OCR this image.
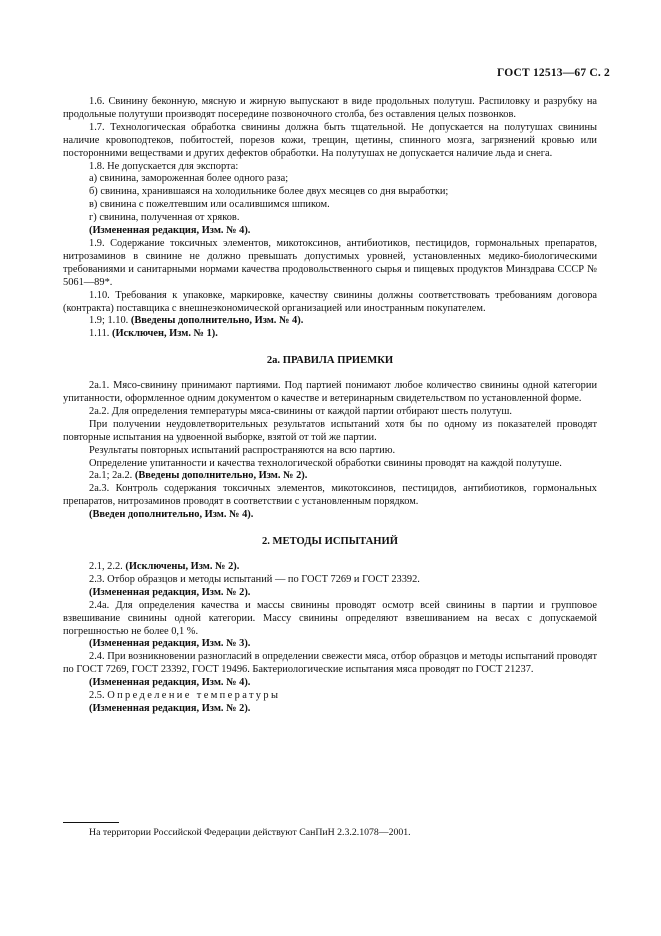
ГОСТ 12513—67 С. 2

1.6. Свинину беконную, мясную и жирную выпускают в виде продольных полутуш. Распиловку и разрубку на продольные полутуши производят посередине позвоночного столба, без оставления целых позвонков.

1.7. Технологическая обработка свинины должна быть тщательной. Не допускается на полутушах свинины наличие кровоподтеков, побитостей, порезов кожи, трещин, щетины, спинного мозга, загрязнений кровью или посторонними веществами и других дефектов обработки. На полутушах не допускается наличие льда и снега.

1.8. Не допускается для экспорта:

а) свинина, замороженная более одного раза;

б) свинина, хранившаяся на холодильнике более двух месяцев со дня выработки;

в) свинина с пожелтевшим или осалившимся шпиком.

г) свинина, полученная от хряков.

(Измененная редакция, Изм. № 4).

1.9. Содержание токсичных элементов, микотоксинов, антибиотиков, пестицидов, гормональных препаратов, нитрозаминов в свинине не должно превышать допустимых уровней, установленных медико-биологическими требованиями и санитарными нормами качества продовольственного сырья и пищевых продуктов Минздрава СССР № 5061—89*.

1.10. Требования к упаковке, маркировке, качеству свинины должны соответствовать требованиям договора (контракта) поставщика с внешнеэкономической организацией или иностранным покупателем.

1.9; 1.10. (Введены дополнительно, Изм. № 4).

1.11. (Исключен, Изм. № 1).

2а. ПРАВИЛА ПРИЕМКИ

2а.1. Мясо-свинину принимают партиями. Под партией понимают любое количество свинины одной категории упитанности, оформленное одним документом о качестве и ветеринарным свидетельством по установленной форме.

2а.2. Для определения температуры мяса-свинины от каждой партии отбирают шесть полутуш.

При получении неудовлетворительных результатов испытаний хотя бы по одному из показателей проводят повторные испытания на удвоенной выборке, взятой от той же партии.

Результаты повторных испытаний распространяются на всю партию.

Определение упитанности и качества технологической обработки свинины проводят на каждой полутуше.

2а.1; 2а.2. (Введены дополнительно, Изм. № 2).

2а.3. Контроль содержания токсичных элементов, микотоксинов, пестицидов, антибиотиков, гормональных препаратов, нитрозаминов проводят в соответствии с установленным порядком.

(Введен дополнительно, Изм. № 4).

2. МЕТОДЫ ИСПЫТАНИЙ

2.1, 2.2. (Исключены, Изм. № 2).

2.3. Отбор образцов и методы испытаний — по ГОСТ 7269 и ГОСТ 23392.

(Измененная редакция, Изм. № 2).

2.4а. Для определения качества и массы свинины проводят осмотр всей свинины в партии и групповое взвешивание свинины одной категории. Массу свинины определяют взвешиванием на весах с допускаемой погрешностью не более 0,1 %.

(Измененная редакция, Изм. № 3).

2.4. При возникновении разногласий в определении свежести мяса, отбор образцов и методы испытаний проводят по ГОСТ 7269, ГОСТ 23392, ГОСТ 19496. Бактериологические испытания мяса проводят по ГОСТ 21237.

(Измененная редакция, Изм. № 4).

2.5. Определение температуры

(Измененная редакция, Изм. № 2).

На территории Российской Федерации действуют СанПиН 2.3.2.1078—2001.
